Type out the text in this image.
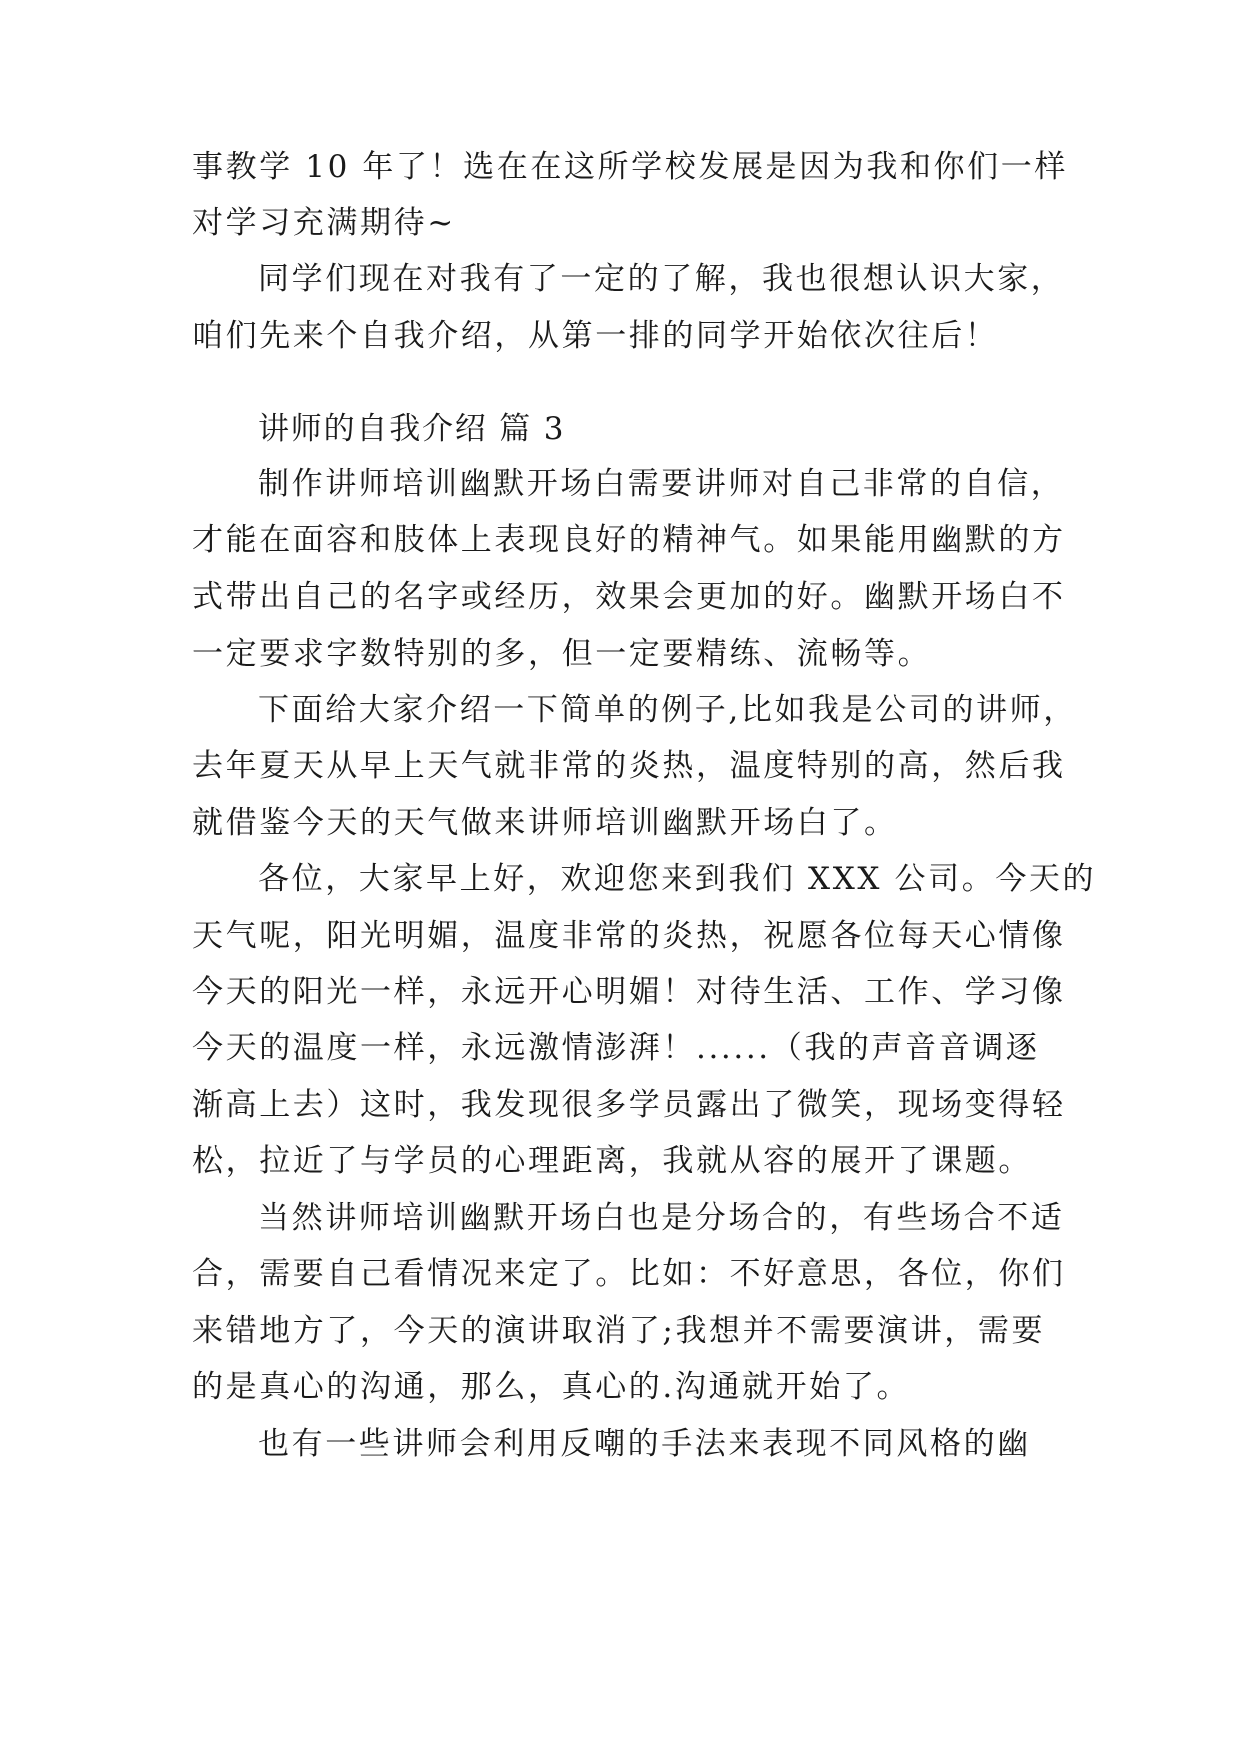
事教学 10 年了！选在在这所学校发展是因为我和你们一样
对学习充满期待~
同学们现在对我有了一定的了解，我也很想认识大家，
咱们先来个自我介绍，从第一排的同学开始依次往后！
讲师的自我介绍 篇 3
制作讲师培训幽默开场白需要讲师对自己非常的自信，
才能在面容和肢体上表现良好的精神气。如果能用幽默的方
式带出自己的名字或经历，效果会更加的好。幽默开场白不
一定要求字数特别的多，但一定要精练、流畅等。
下面给大家介绍一下简单的例子,比如我是公司的讲师，
去年夏天从早上天气就非常的炎热，温度特别的高，然后我
就借鉴今天的天气做来讲师培训幽默开场白了。
各位，大家早上好，欢迎您来到我们 XXX 公司。今天的
天气呢，阳光明媚，温度非常的炎热，祝愿各位每天心情像
今天的阳光一样，永远开心明媚！对待生活、工作、学习像
今天的温度一样，永远激情澎湃！......（我的声音音调逐
渐高上去）这时，我发现很多学员露出了微笑，现场变得轻
松，拉近了与学员的心理距离，我就从容的展开了课题。
当然讲师培训幽默开场白也是分场合的，有些场合不适
合，需要自己看情况来定了。比如：不好意思，各位，你们
来错地方了，今天的演讲取消了;我想并不需要演讲，需要
的是真心的沟通，那么，真心的.沟通就开始了。
也有一些讲师会利用反嘲的手法来表现不同风格的幽
